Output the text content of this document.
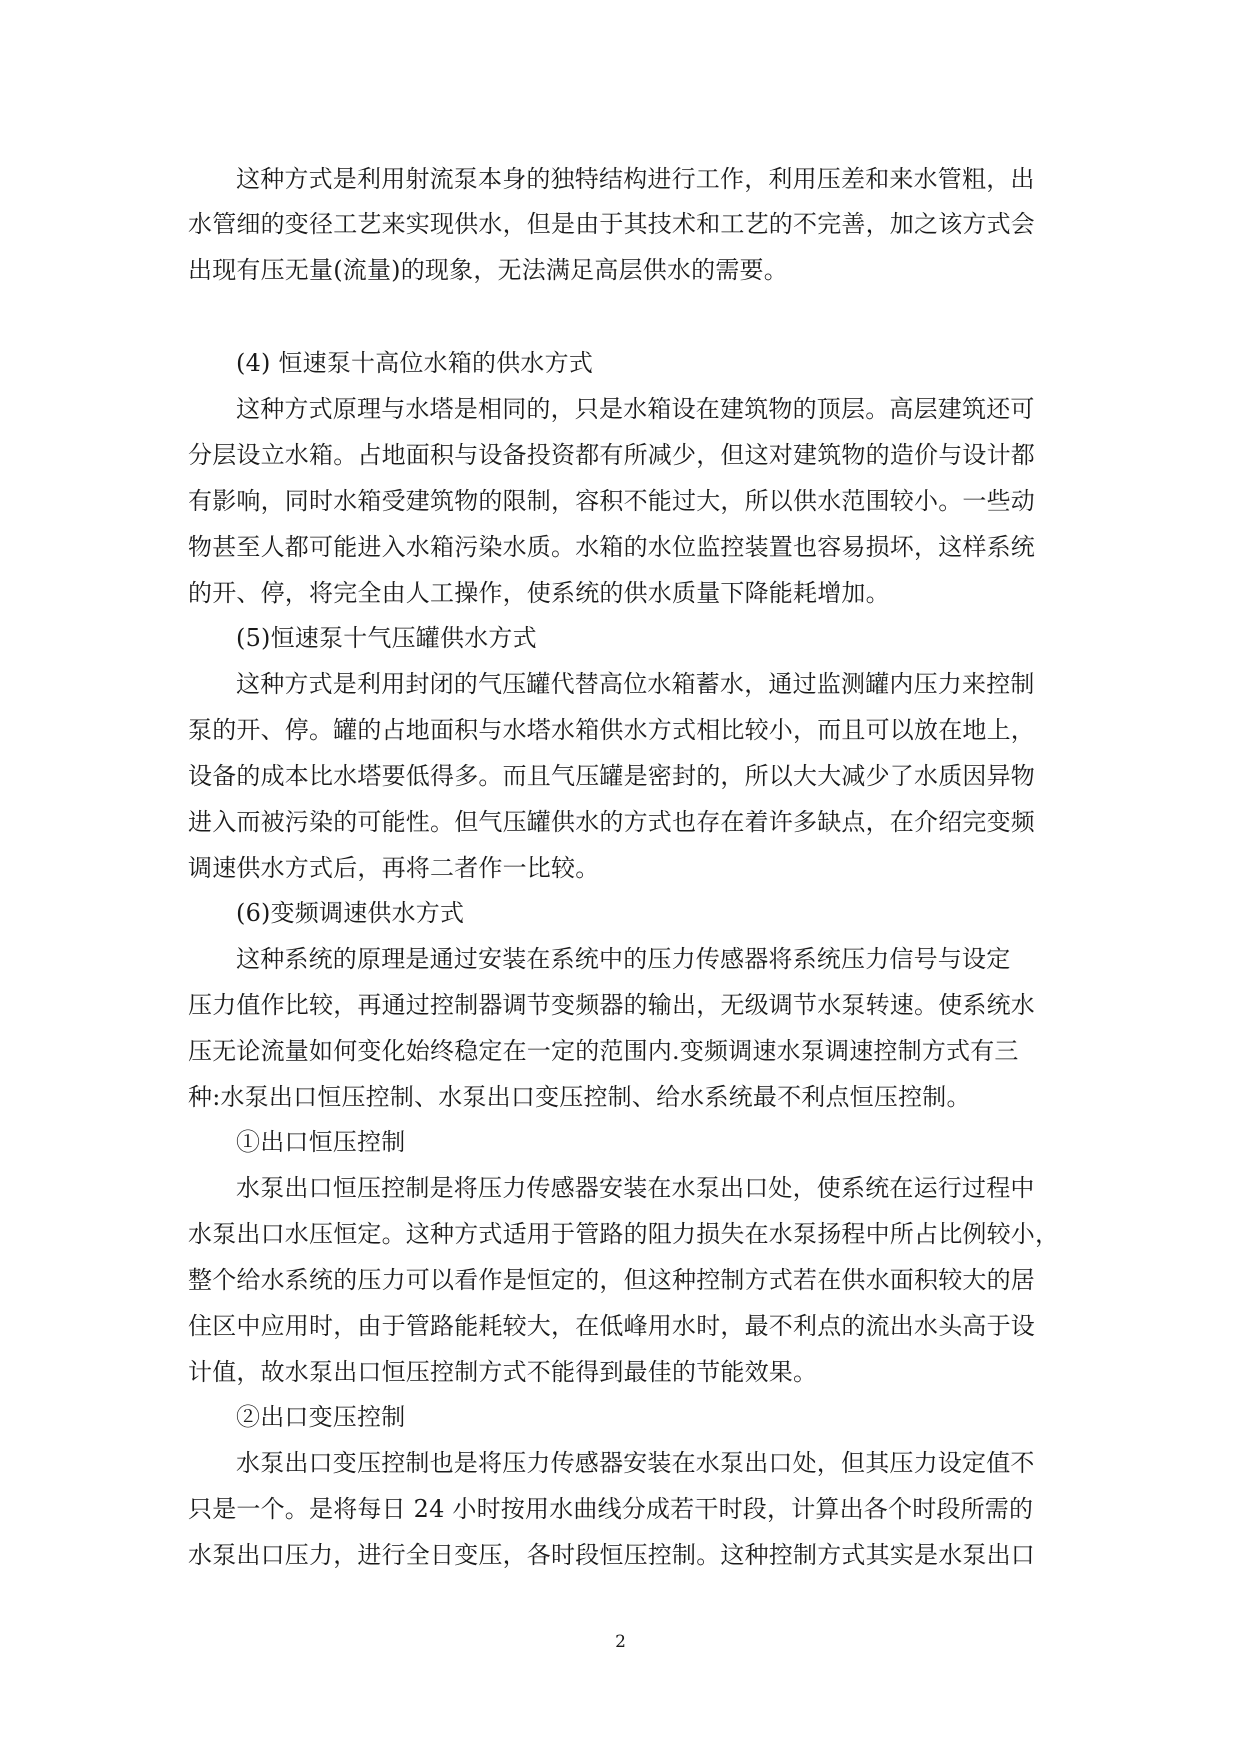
这种方式是利用射流泵本身的独特结构进行工作，利用压差和来水管粗，出
水管细的变径工艺来实现供水，但是由于其技术和工艺的不完善，加之该方式会
出现有压无量(流量)的现象，无法满足高层供水的需要。
(4) 恒速泵十高位水箱的供水方式
这种方式原理与水塔是相同的，只是水箱设在建筑物的顶层。高层建筑还可
分层设立水箱。占地面积与设备投资都有所减少，但这对建筑物的造价与设计都
有影响，同时水箱受建筑物的限制，容积不能过大，所以供水范围较小。一些动
物甚至人都可能进入水箱污染水质。水箱的水位监控装置也容易损坏，这样系统
的开、停，将完全由人工操作，使系统的供水质量下降能耗增加。
(5)恒速泵十气压罐供水方式
这种方式是利用封闭的气压罐代替高位水箱蓄水，通过监测罐内压力来控制
泵的开、停。罐的占地面积与水塔水箱供水方式相比较小，而且可以放在地上，
设备的成本比水塔要低得多。而且气压罐是密封的，所以大大减少了水质因异物
进入而被污染的可能性。但气压罐供水的方式也存在着许多缺点，在介绍完变频
调速供水方式后，再将二者作一比较。
(6)变频调速供水方式
这种系统的原理是通过安装在系统中的压力传感器将系统压力信号与设定
压力值作比较，再通过控制器调节变频器的输出，无级调节水泵转速。使系统水
压无论流量如何变化始终稳定在一定的范围内.变频调速水泵调速控制方式有三
种:水泵出口恒压控制、水泵出口变压控制、给水系统最不利点恒压控制。
①出口恒压控制
水泵出口恒压控制是将压力传感器安装在水泵出口处，使系统在运行过程中
水泵出口水压恒定。这种方式适用于管路的阻力损失在水泵扬程中所占比例较小，
整个给水系统的压力可以看作是恒定的，但这种控制方式若在供水面积较大的居
住区中应用时，由于管路能耗较大，在低峰用水时，最不利点的流出水头高于设
计值，故水泵出口恒压控制方式不能得到最佳的节能效果。
②出口变压控制
水泵出口变压控制也是将压力传感器安装在水泵出口处，但其压力设定值不
只是一个。是将每日 24 小时按用水曲线分成若干时段，计算出各个时段所需的
水泵出口压力，进行全日变压，各时段恒压控制。这种控制方式其实是水泵出口
2
